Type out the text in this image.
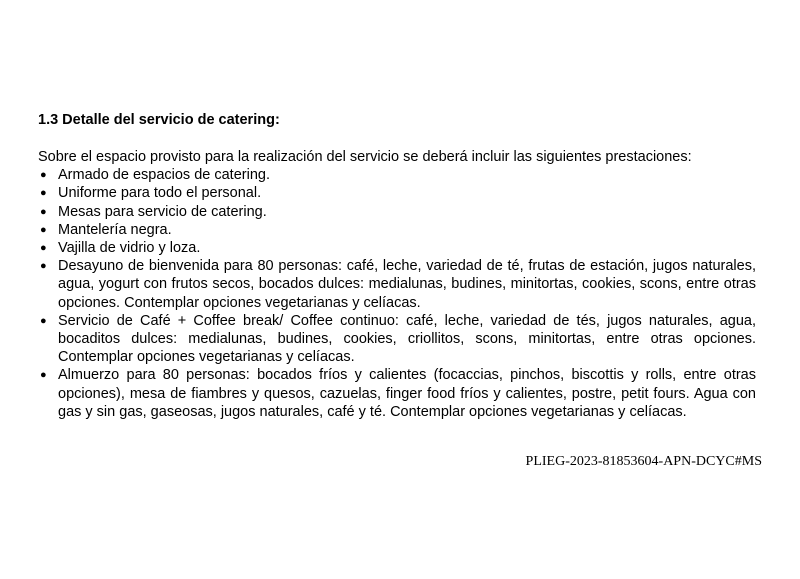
1.3 Detalle del servicio de catering:

Sobre el espacio provisto para la realización del servicio se deberá incluir las siguientes prestaciones:

● Armado de espacios de catering.
● Uniforme para todo el personal.
● Mesas para servicio de catering.
● Mantelería negra.
● Vajilla de vidrio y loza.
● Desayuno de bienvenida para 80 personas: café, leche, variedad de té, frutas de estación, jugos naturales, agua, yogurt con frutos secos, bocados dulces: medialunas, budines, minitortas, cookies, scons, entre otras opciones. Contemplar opciones vegetarianas y celíacas.
● Servicio de Café + Coffee break/ Coffee continuo: café, leche, variedad de tés, jugos naturales, agua, bocaditos dulces: medialunas, budines, cookies, criollitos, scons, minitortas, entre otras opciones. Contemplar opciones vegetarianas y celíacas.
● Almuerzo para 80 personas: bocados fríos y calientes (focaccias, pinchos, biscottis y rolls, entre otras opciones), mesa de fiambres y quesos, cazuelas, finger food fríos y calientes, postre, petit fours. Agua con gas y sin gas, gaseosas, jugos naturales, café y té. Contemplar opciones vegetarianas y celíacas.
PLIEG-2023-81853604-APN-DCYC#MS
